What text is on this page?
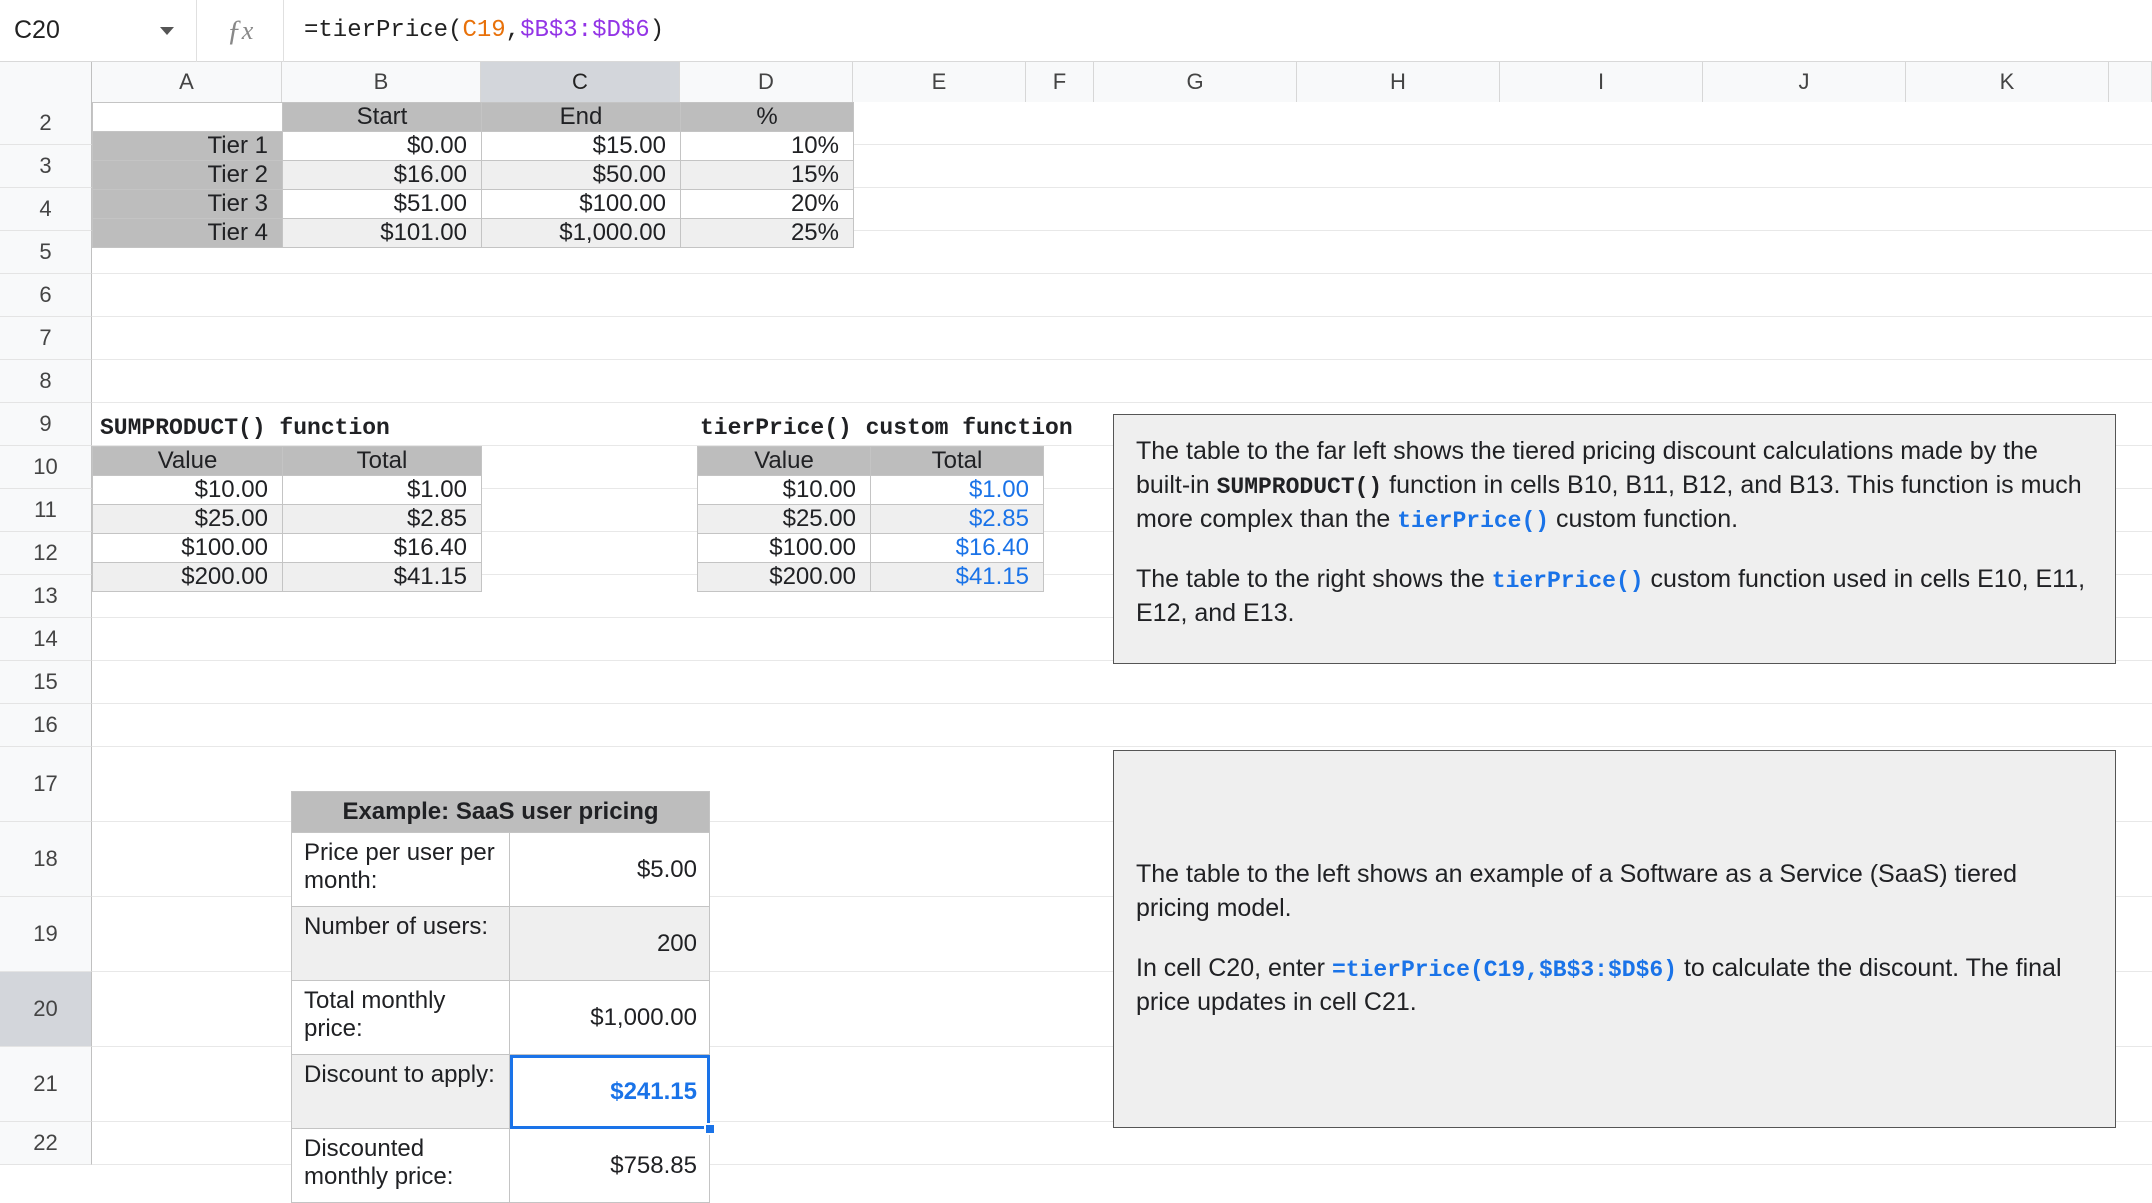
C20	ƒ x =tierPrice( C19 , $B$3:$D$6 )
A	B	C	D	E	F	G	H	I	J	K
2
3
4
5
6
7
8
9
10
11
12
13
14
15
16
17
18
19
20
21
22
	Start	End	%
Tier 1	$0.00	$15.00	10%
Tier 2	$16.00	$50.00	15%
Tier 3	$51.00	$100.00	20%
Tier 4	$101.00	$1,000.00	25%
SUMPRODUCT() function
Value	Total
$10.00	$1.00
$25.00	$2.85
$100.00	$16.40
$200.00	$41.15
tierPrice() custom function
Value	Total
$10.00	$1.00
$25.00	$2.85
$100.00	$16.40
$200.00	$41.15

The table to the far left shows the tiered pricing discount calculations made by the built-in SUMPRODUCT() function in cells B10, B11, B12, and B13. This function is much more complex than the tierPrice() custom function.

The table to the right shows the tierPrice() custom function used in cells E10, E11, E12, and E13.

The table to the left shows an example of a Software as a Service (SaaS) tiered pricing model.

In cell C20, enter =tierPrice(C19,$B$3:$D$6) to calculate the discount. The final price updates in cell C21.

Example: SaaS user pricing	
Price per user per month:	$5.00
Number of users:	200
Total monthly price:	$1,000.00
Discount to apply:	$241.15

Discounted monthly price:	$758.85
